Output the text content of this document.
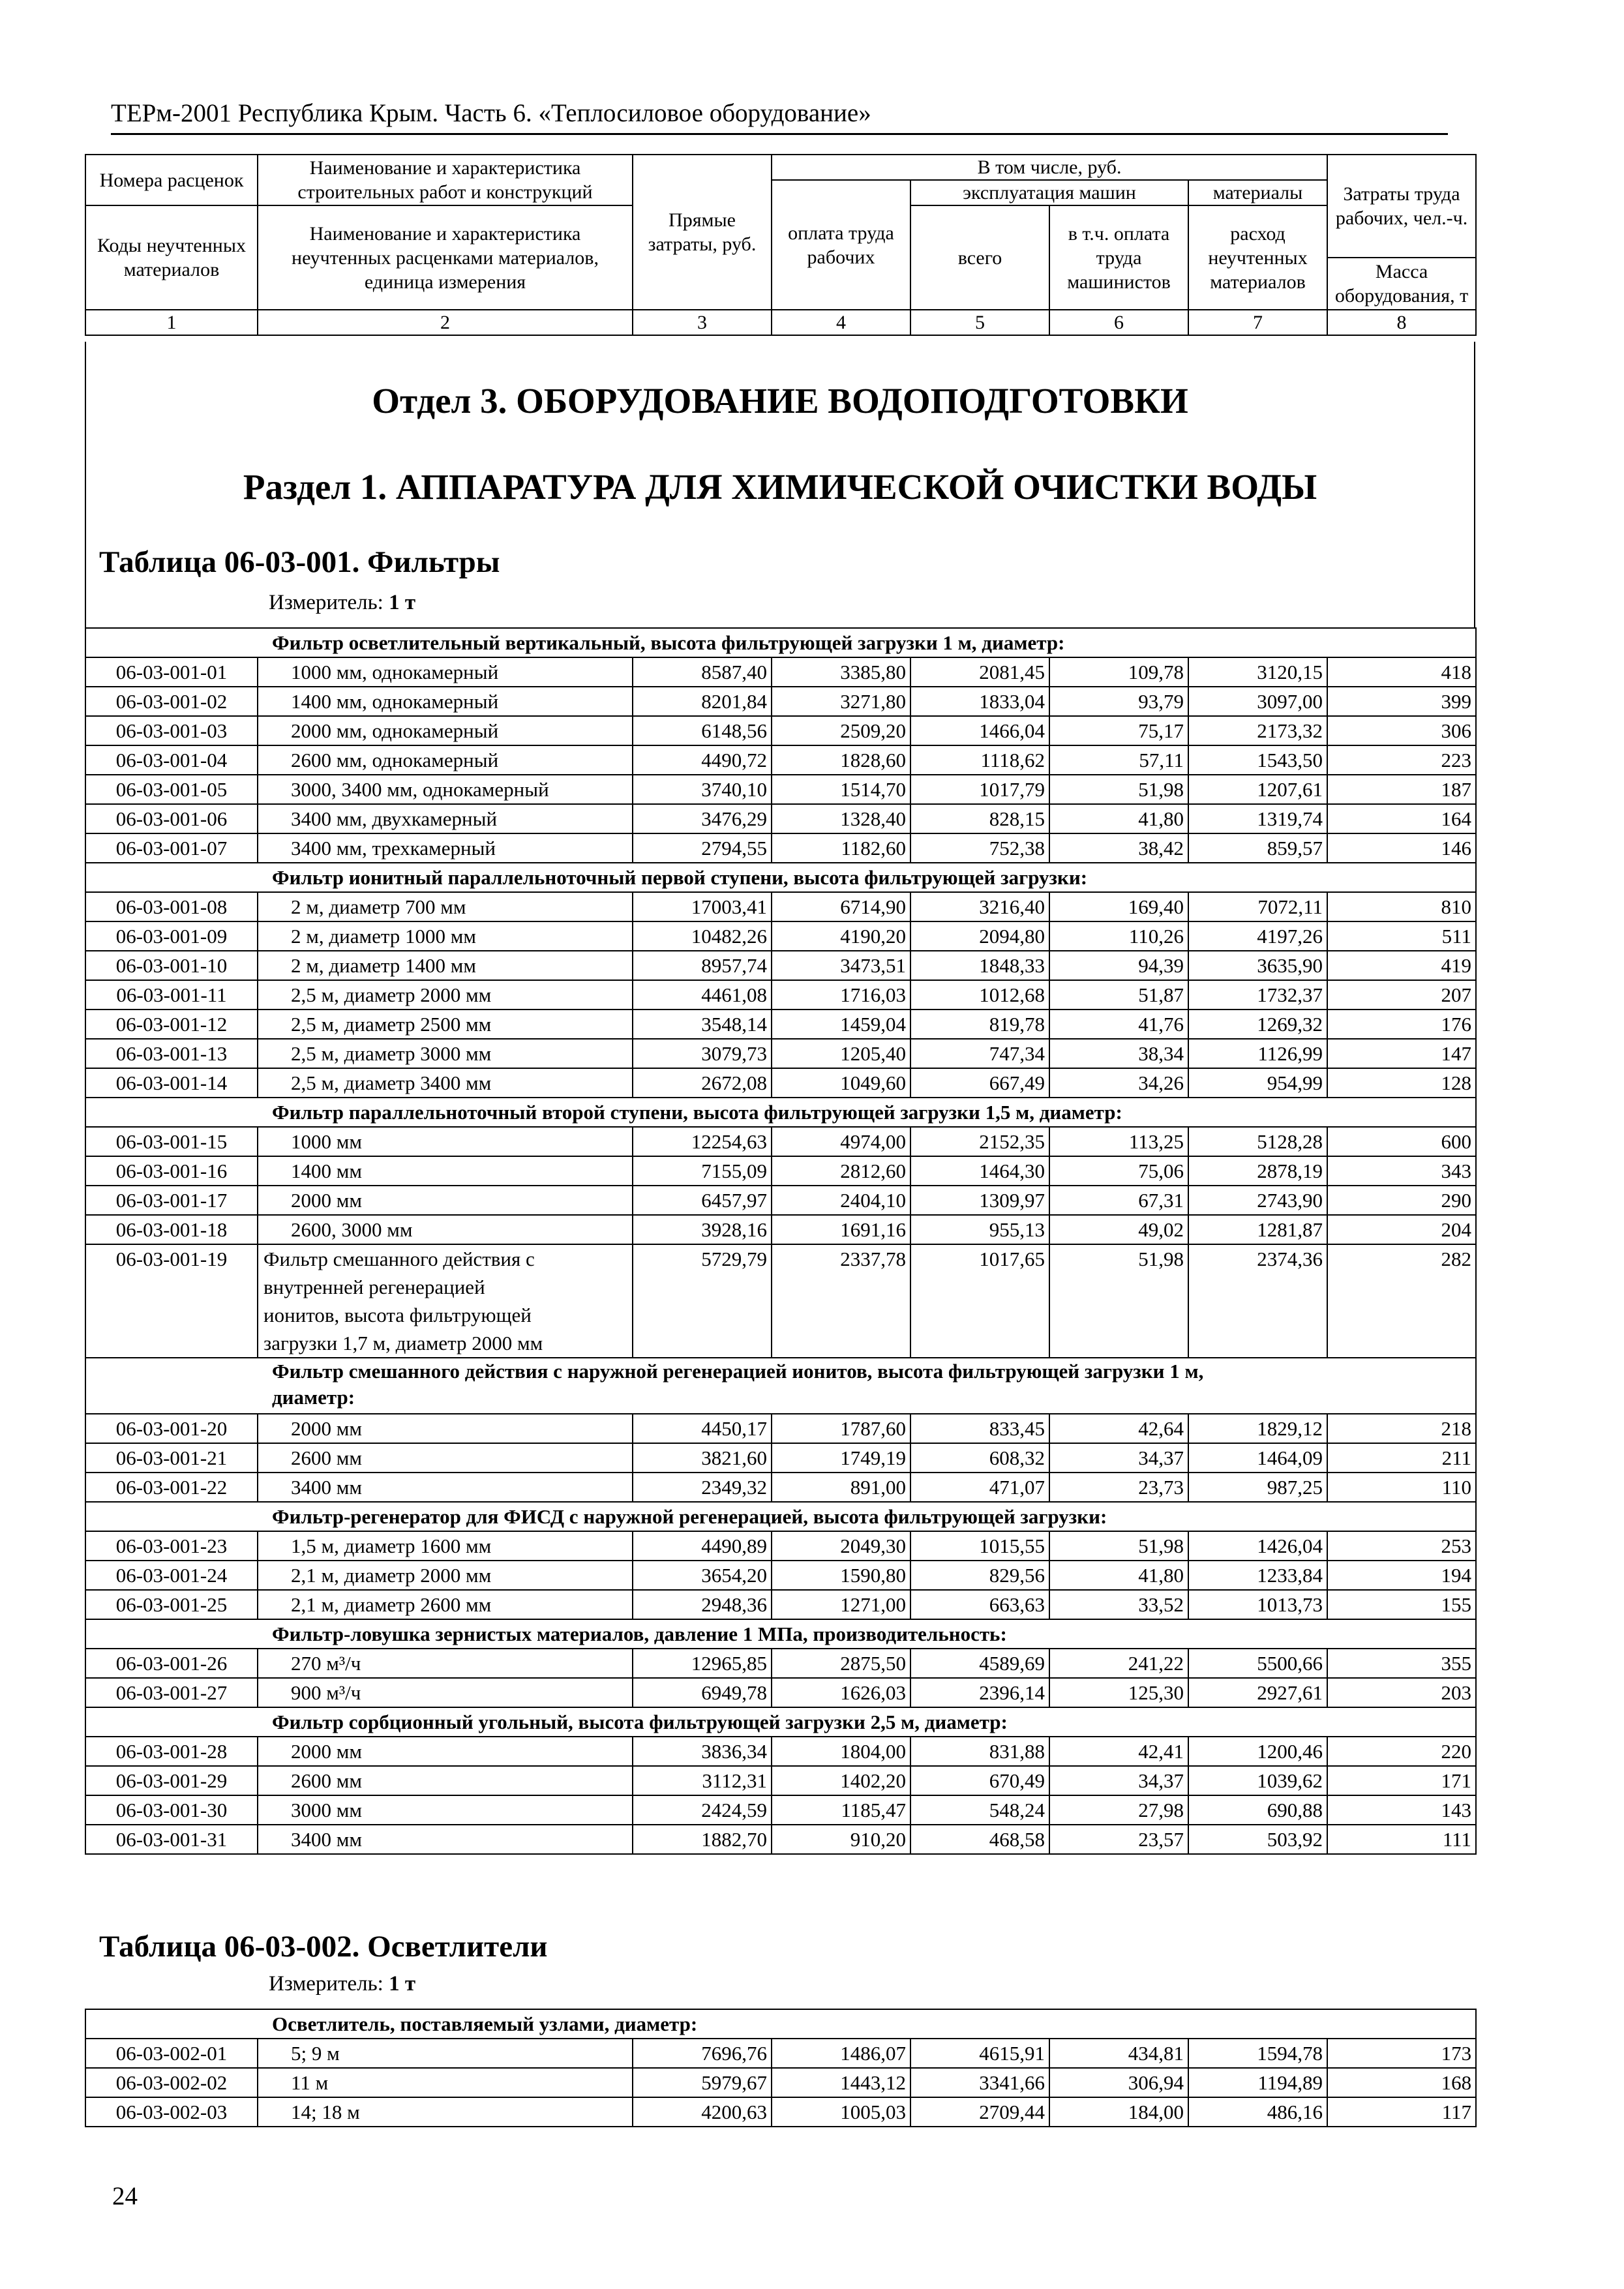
ТЕРм-2001 Республика Крым. Часть 6. «Теплосиловое оборудование»
Номера расценок	Наименование и характеристика строительных работ и конструкций	Прямые затраты, руб.	В том числе, руб.				Затраты труда рабочих, чел.-ч.
			оплата труда рабочих	эксплуатация машин		материалы	
Коды неучтенных материалов	Наименование и характеристика неучтенных расценками материалов, единица измерения			всего	в т.ч. оплата труда машинистов	расход неучтенных материалов	
							Масса оборудования, т
1	2	3	4	5	6	7	8
Отдел 3. ОБОРУДОВАНИЕ ВОДОПОДГОТОВКИ
Раздел 1. АППАРАТУРА ДЛЯ ХИМИЧЕСКОЙ ОЧИСТКИ ВОДЫ
Таблица 06-03-001. Фильтры
Измеритель: 1 т
Фильтр осветлительный вертикальный, высота фильтрующей загрузки 1 м, диаметр:							
06-03-001-01	1000 мм, однокамерный	8587,40	3385,80	2081,45	109,78	3120,15	418
06-03-001-02	1400 мм, однокамерный	8201,84	3271,80	1833,04	93,79	3097,00	399
06-03-001-03	2000 мм, однокамерный	6148,56	2509,20	1466,04	75,17	2173,32	306
06-03-001-04	2600 мм, однокамерный	4490,72	1828,60	1118,62	57,11	1543,50	223
06-03-001-05	3000, 3400 мм, однокамерный	3740,10	1514,70	1017,79	51,98	1207,61	187
06-03-001-06	3400 мм, двухкамерный	3476,29	1328,40	828,15	41,80	1319,74	164
06-03-001-07	3400 мм, трехкамерный	2794,55	1182,60	752,38	38,42	859,57	146
Фильтр ионитный параллельноточный первой ступени, высота фильтрующей загрузки:							
06-03-001-08	2 м, диаметр 700 мм	17003,41	6714,90	3216,40	169,40	7072,11	810
06-03-001-09	2 м, диаметр 1000 мм	10482,26	4190,20	2094,80	110,26	4197,26	511
06-03-001-10	2 м, диаметр 1400 мм	8957,74	3473,51	1848,33	94,39	3635,90	419
06-03-001-11	2,5 м, диаметр 2000 мм	4461,08	1716,03	1012,68	51,87	1732,37	207
06-03-001-12	2,5 м, диаметр 2500 мм	3548,14	1459,04	819,78	41,76	1269,32	176
06-03-001-13	2,5 м, диаметр 3000 мм	3079,73	1205,40	747,34	38,34	1126,99	147
06-03-001-14	2,5 м, диаметр 3400 мм	2672,08	1049,60	667,49	34,26	954,99	128
Фильтр параллельноточный второй ступени, высота фильтрующей загрузки 1,5 м, диаметр:							
06-03-001-15	1000 мм	12254,63	4974,00	2152,35	113,25	5128,28	600
06-03-001-16	1400 мм	7155,09	2812,60	1464,30	75,06	2878,19	343
06-03-001-17	2000 мм	6457,97	2404,10	1309,97	67,31	2743,90	290
06-03-001-18	2600, 3000 мм	3928,16	1691,16	955,13	49,02	1281,87	204
06-03-001-19	Фильтр смешанного действия с
внутренней регенерацией
ионитов, высота фильтрующей
загрузки 1,7 м, диаметр 2000 мм	5729,79	2337,78	1017,65	51,98	2374,36	282

Фильтр смешанного действия с наружной регенерацией ионитов, высота фильтрующей загрузки 1 м,
диаметр:							

06-03-001-20	2000 мм	4450,17	1787,60	833,45	42,64	1829,12	218
06-03-001-21	2600 мм	3821,60	1749,19	608,32	34,37	1464,09	211
06-03-001-22	3400 мм	2349,32	891,00	471,07	23,73	987,25	110
Фильтр-регенератор для ФИСД с наружной регенерацией, высота фильтрующей загрузки:							
06-03-001-23	1,5 м, диаметр 1600 мм	4490,89	2049,30	1015,55	51,98	1426,04	253
06-03-001-24	2,1 м, диаметр 2000 мм	3654,20	1590,80	829,56	41,80	1233,84	194
06-03-001-25	2,1 м, диаметр 2600 мм	2948,36	1271,00	663,63	33,52	1013,73	155
Фильтр-ловушка зернистых материалов, давление 1 МПа, производительность:							
06-03-001-26	270 м³/ч	12965,85	2875,50	4589,69	241,22	5500,66	355
06-03-001-27	900 м³/ч	6949,78	1626,03	2396,14	125,30	2927,61	203
Фильтр сорбционный угольный, высота фильтрующей загрузки 2,5 м, диаметр:							
06-03-001-28	2000 мм	3836,34	1804,00	831,88	42,41	1200,46	220
06-03-001-29	2600 мм	3112,31	1402,20	670,49	34,37	1039,62	171
06-03-001-30	3000 мм	2424,59	1185,47	548,24	27,98	690,88	143
06-03-001-31	3400 мм	1882,70	910,20	468,58	23,57	503,92	111
Таблица 06-03-002. Осветлители
Измеритель: 1 т
Осветлитель, поставляемый узлами, диаметр:							
06-03-002-01	5; 9 м	7696,76	1486,07	4615,91	434,81	1594,78	173
06-03-002-02	11 м	5979,67	1443,12	3341,66	306,94	1194,89	168
06-03-002-03	14; 18 м	4200,63	1005,03	2709,44	184,00	486,16	117
24
